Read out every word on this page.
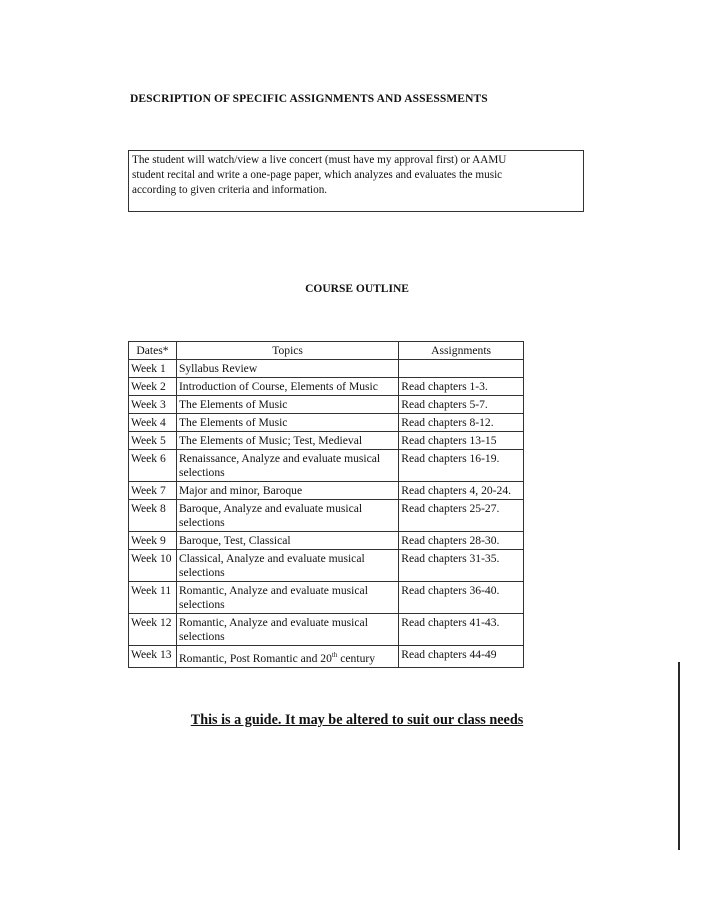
DESCRIPTION OF SPECIFIC ASSIGNMENTS AND ASSESSMENTS
The student will watch/view a live concert (must have my approval first) or AAMU
student recital and write a one-page paper, which analyzes and evaluates the music
according to given criteria and information.
COURSE OUTLINE
Dates*	Topics	Assignments
Week 1	Syllabus Review	
Week 2	Introduction of Course, Elements of Music	Read chapters 1-3.
Week 3	The Elements of Music	Read chapters 5-7.
Week 4	The Elements of Music	Read chapters 8-12.
Week 5	The Elements of Music; Test, Medieval	Read chapters 13-15
Week 6	Renaissance, Analyze and evaluate musical selections	Read chapters 16-19.
Week 7	Major and minor, Baroque	Read chapters 4, 20-24.
Week 8	Baroque, Analyze and evaluate musical selections	Read chapters 25-27.
Week 9	Baroque, Test, Classical	Read chapters 28-30.
Week 10	Classical, Analyze and evaluate musical selections	Read chapters 31-35.
Week 11	Romantic, Analyze and evaluate musical selections	Read chapters 36-40.
Week 12	Romantic, Analyze and evaluate musical selections	Read chapters 41-43.
Week 13	Romantic, Post Romantic and 20th century	Read chapters 44-49
This is a guide. It may be altered to suit our class needs
